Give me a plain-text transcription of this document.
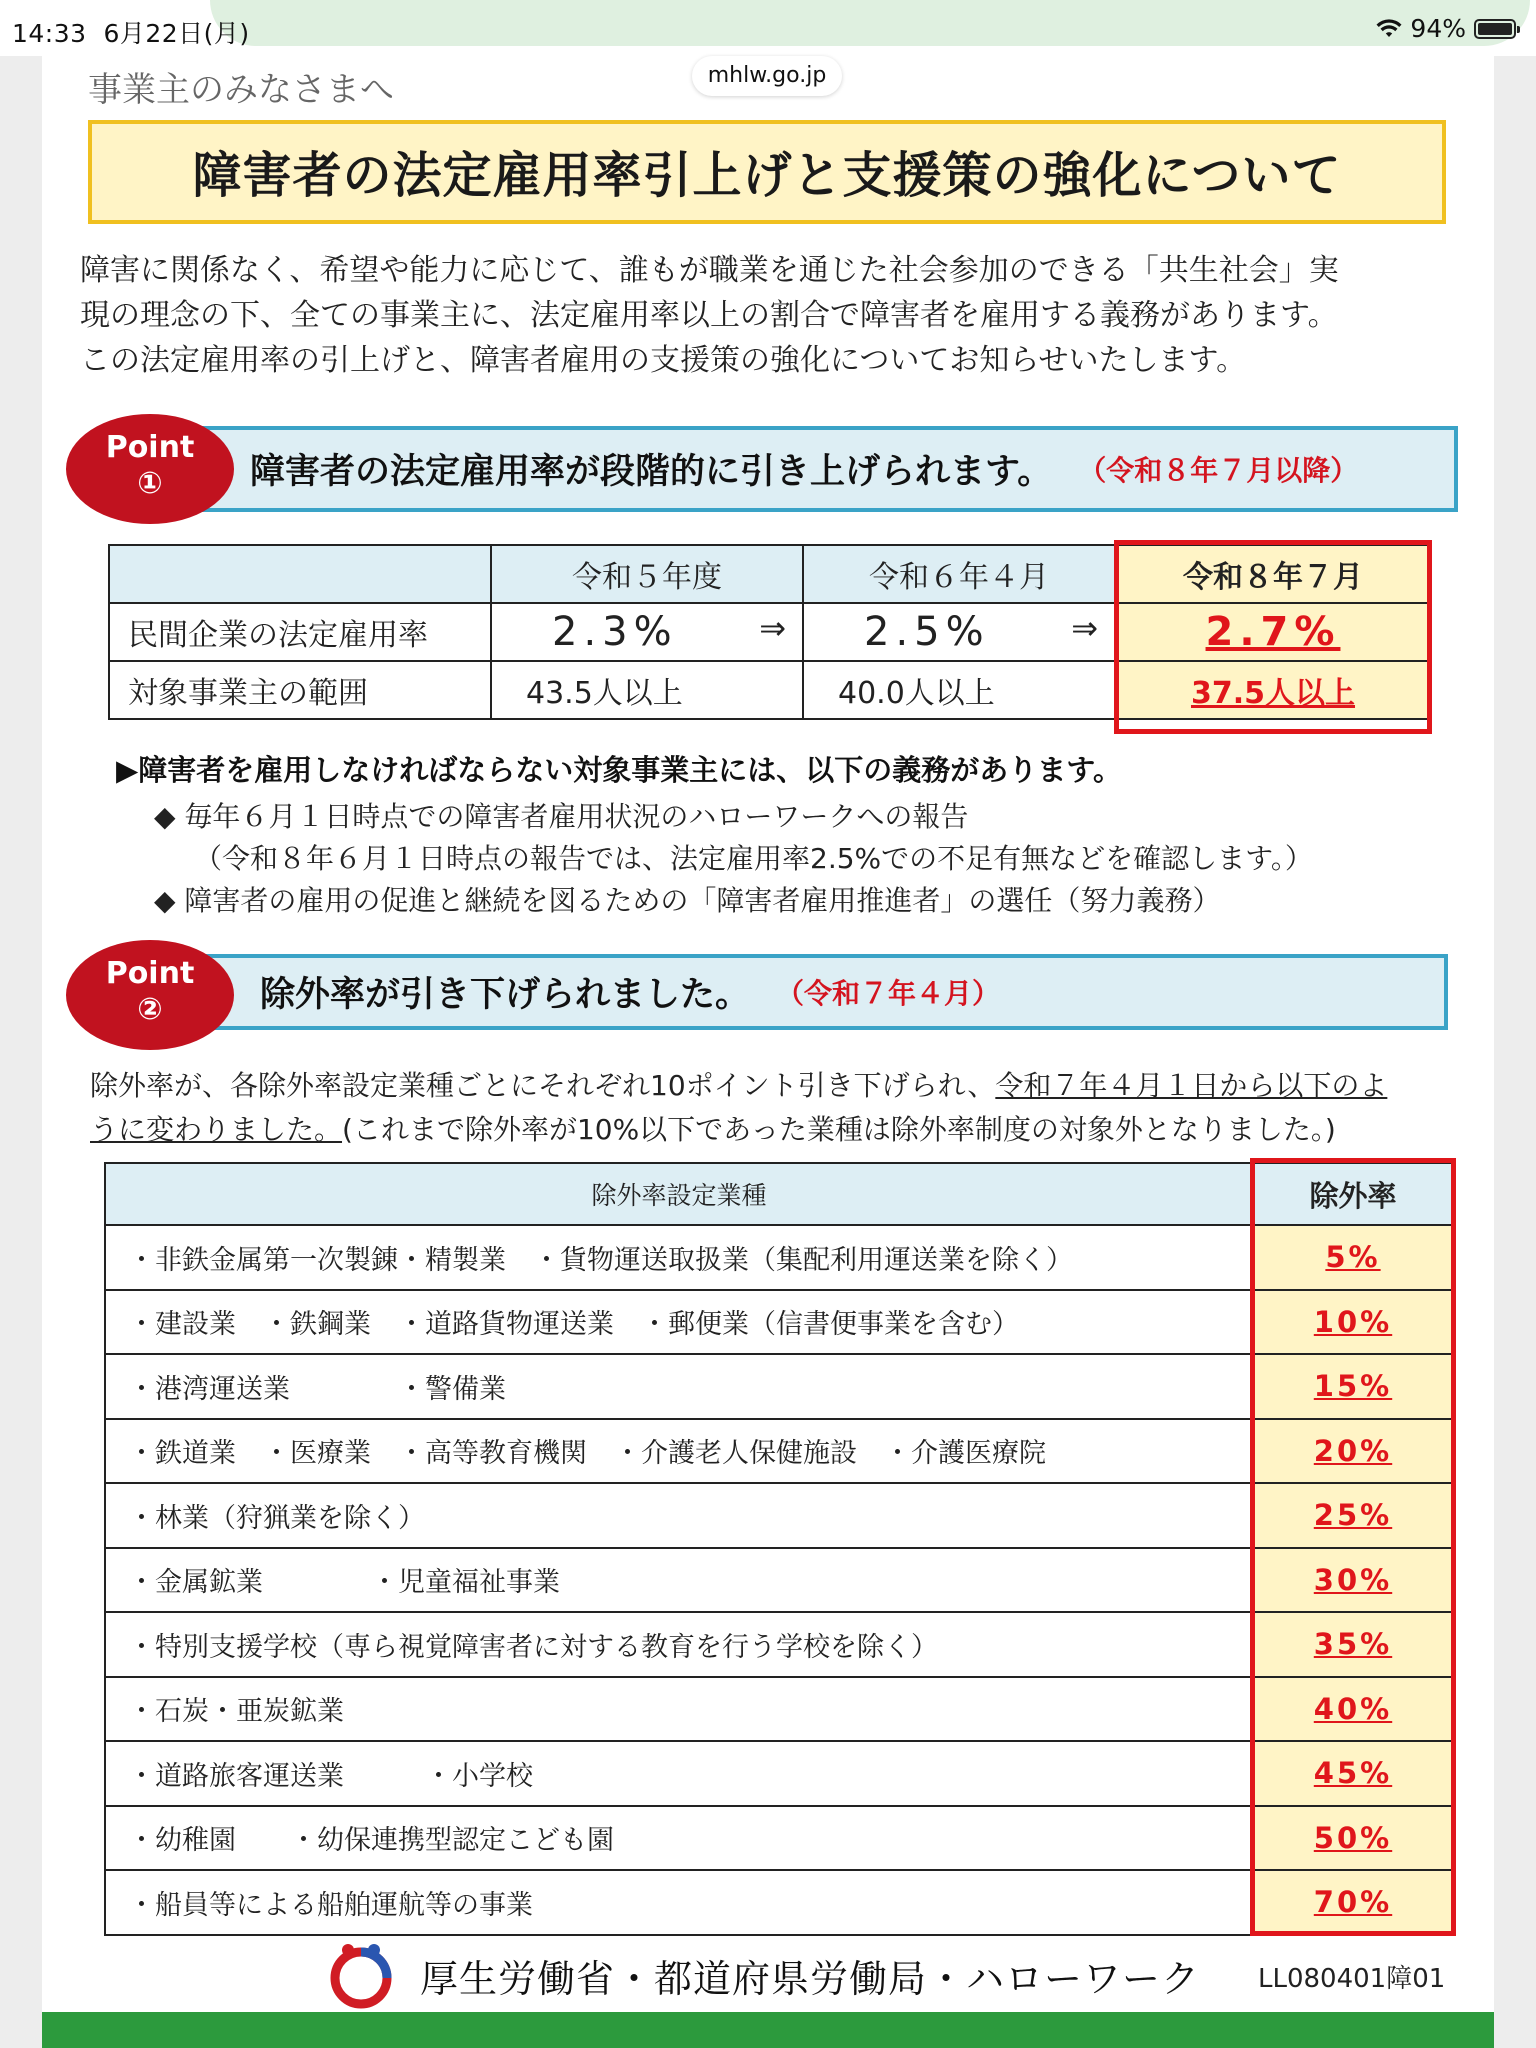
14:33 6月22日(月)	94%
mhlw.go.jp
事業主のみなさまへ
障害者の法定雇用率引上げと支援策の強化について
障害に関係なく、希望や能力に応じて、誰もが職業を通じた社会参加のできる「共生社会」実
現の理念の下、全ての事業主に、法定雇用率以上の割合で障害者を雇用する義務があります。
この法定雇用率の引上げと、障害者雇用の支援策の強化についてお知らせいたします。
障害者の法定雇用率が段階的に引き上げられます。 （令和８年７月以降）
Point
①
	令和５年度	令和６年４月	令和８年７月
民間企業の法定雇用率	2.3% ⇒	2.5% ⇒	2.7%
対象事業主の範囲	43.5人以上	40.0人以上	37.5人以上
▶障害者を雇用しなければならない対象事業主には、以下の義務があります。
◆ 毎年６月１日時点での障害者雇用状況のハローワークへの報告
（令和８年６月１日時点の報告では、法定雇用率2.5%での不足有無などを確認します。）
◆ 障害者の雇用の促進と継続を図るための「障害者雇用推進者」の選任（努力義務）
除外率が引き下げられました。 （令和７年４月）
Point
②
除外率が、各除外率設定業種ごとにそれぞれ10ポイント引き下げられ、令和７年４月１日から以下のよ
うに変わりました。(これまで除外率が10%以下であった業種は除外率制度の対象外となりました。)
除外率設定業種	除外率
・非鉄金属第一次製錬・精製業　・貨物運送取扱業（集配利用運送業を除く）	5%
・建設業　・鉄鋼業　・道路貨物運送業　・郵便業（信書便事業を含む）	10%
・港湾運送業　　　　・警備業	15%
・鉄道業　・医療業　・高等教育機関　・介護老人保健施設　・介護医療院	20%
・林業（狩猟業を除く）	25%
・金属鉱業　　　　・児童福祉事業	30%
・特別支援学校（専ら視覚障害者に対する教育を行う学校を除く）	35%
・石炭・亜炭鉱業	40%
・道路旅客運送業　　　・小学校	45%
・幼稚園　　・幼保連携型認定こども園	50%
・船員等による船舶運航等の事業	70%
厚生労働省・都道府県労働局・ハローワーク LL080401障01
